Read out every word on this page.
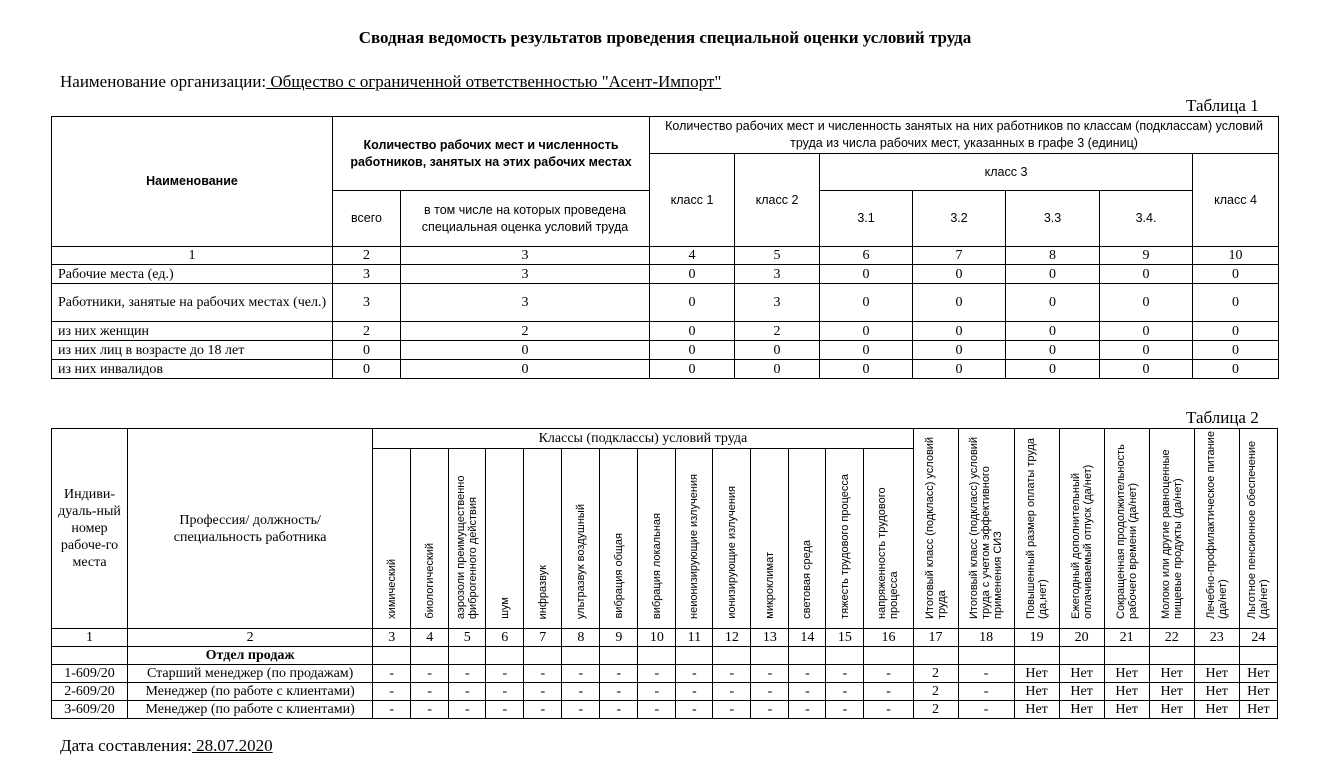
Сводная ведомость результатов проведения специальной оценки условий труда
Наименование организации: Общество с ограниченной ответственностью "Асент-Импорт"
Таблица 1
Наименование	Количество рабочих мест и численность работников, занятых на этих рабочих местах		Количество рабочих мест и численность занятых на них работников по классам (подклассам) условий труда из числа рабочих мест, указанных в графе 3 (единиц)						
			класс 1	класс 2	класс 3				класс 4
	всего	в том числе на которых проведена специальная оценка условий труда			3.1	3.2	3.3	3.4.	
1	2	3	4	5	6	7	8	9	10
Рабочие места (ед.)	3	3	0	3	0	0	0	0	0
Работники, занятые на рабочих местах (чел.)	3	3	0	3	0	0	0	0	0
из них женщин	2	2	0	2	0	0	0	0	0
из них лиц в возрасте до 18 лет	0	0	0	0	0	0	0	0	0
из них инвалидов	0	0	0	0	0	0	0	0	0
Таблица 2
Индиви-дуаль-ный номер рабоче-го места	Профессия/ должность/ специальность работника	Классы (подклассы) условий труда														Итоговый класс (подкласс) условий труда	Итоговый класс (подкласс) условий труда с учетом эффективного применения СИЗ	Повышенный размер оплаты труда (да,нет)	Ежегодный дополнительный оплачиваемый отпуск (да/нет)	Сокращенная продолжительность рабочего времени (да/нет)	Молоко или другие равноценные пищевые продукты (да/нет)	Лечебно-профилактическое питание (да/нет)	Льготное пенсионное обеспечение (да/нет)

		химический	биологический	аэрозоли преимущественно фиброгенного действия	шум	инфразвук	ультразвук воздушный	вибрация общая	вибрация локальная	неионизирующие излучения	ионизирующие излучения	микроклимат	световая среда	тяжесть трудового процесса	напряженность трудового процесса								

1	2	3	4	5	6	7	8	9	10	11	12	13	14	15	16	17	18	19	20	21	22	23	24
	Отдел продаж																						
1-609/20	Старший менеджер (по продажам)	-	-	-	-	-	-	-	-	-	-	-	-	-	-	2	-	Нет	Нет	Нет	Нет	Нет	Нет
2-609/20	Менеджер (по работе с клиентами)	-	-	-	-	-	-	-	-	-	-	-	-	-	-	2	-	Нет	Нет	Нет	Нет	Нет	Нет
3-609/20	Менеджер (по работе с клиентами)	-	-	-	-	-	-	-	-	-	-	-	-	-	-	2	-	Нет	Нет	Нет	Нет	Нет	Нет
Дата составления: 28.07.2020
